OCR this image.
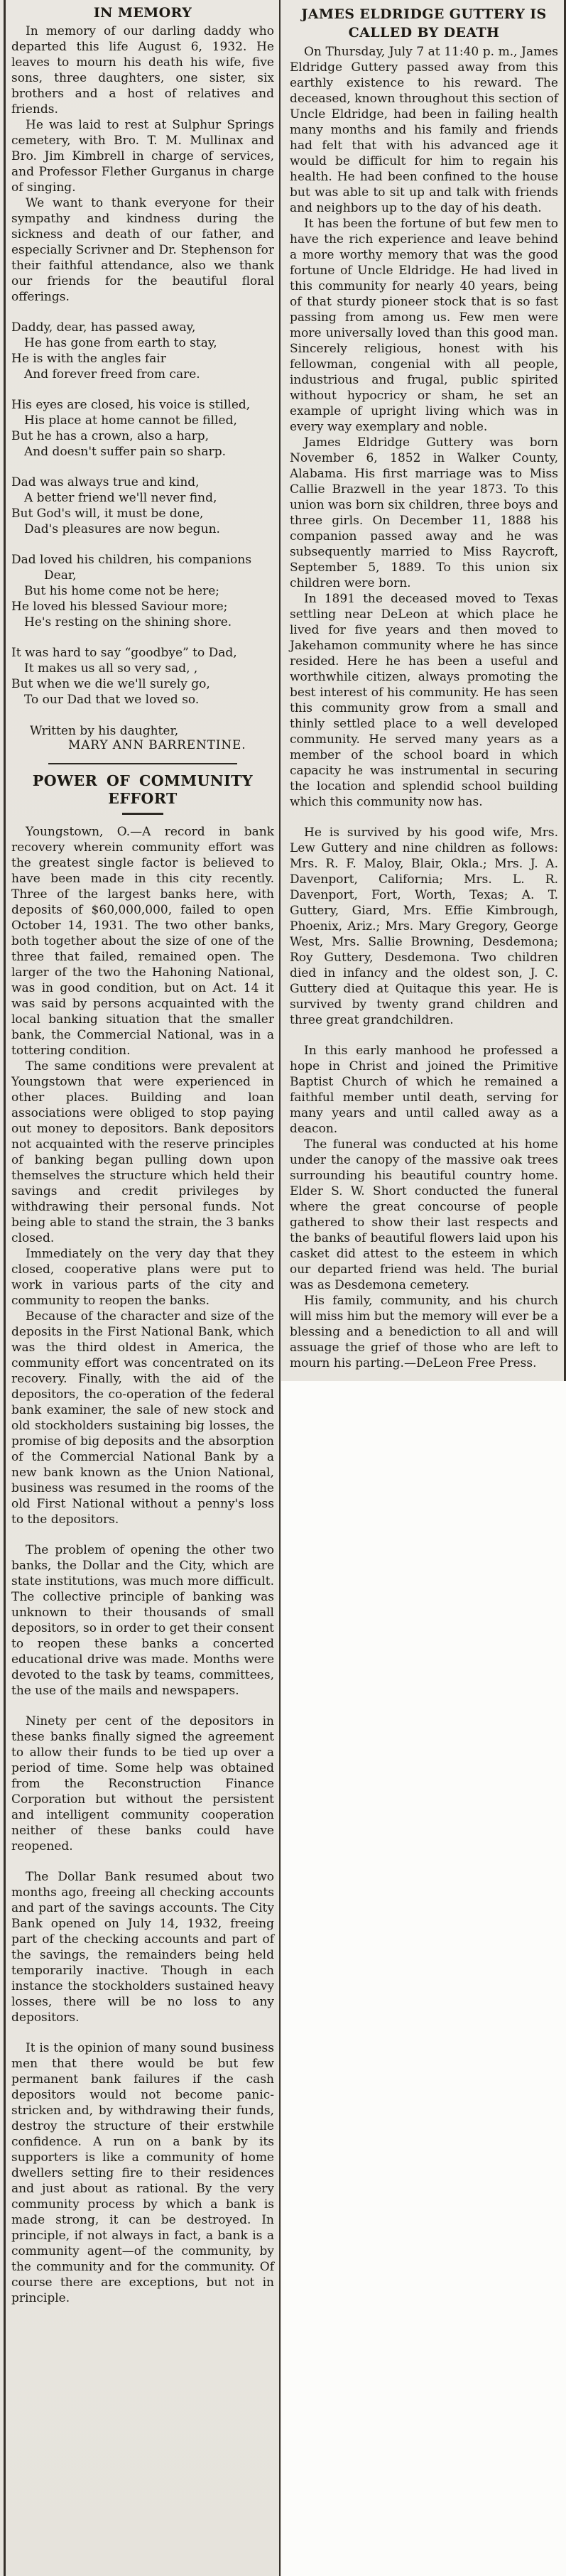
IN MEMORY

In memory of our darling daddy who departed this life August 6, 1932. He leaves to mourn his death his wife, five sons, three daughters, one sister, six brothers and a host of relatives and friends.

He was laid to rest at Sulphur Springs cemetery, with Bro. T. M. Mullinax and Bro. Jim Kimbrell in charge of services, and Professor Flether Gurganus in charge of singing.

We want to thank everyone for their sympathy and kindness during the sickness and death of our father, and especially Scrivner and Dr. Stephenson for their faithful attendance, also we thank our friends for the beautiful floral offerings.

Daddy, dear, has passed away,
He has gone from earth to stay,
He is with the angles fair
And forever freed from care.
His eyes are closed, his voice is stilled,
His place at home cannot be filled,
But he has a crown, also a harp,
And doesn't suffer pain so sharp.
Dad was always true and kind,
A better friend we'll never find,
But God's will, it must be done,
Dad's pleasures are now begun.
Dad loved his children, his companions Dear,
But his home come not be here;
He loved his blessed Saviour more;
He's resting on the shining shore.
It was hard to say “goodbye” to Dad,
It makes us all so very sad, ,
But when we die we'll surely go,
To our Dad that we loved so.
Written by his daughter,
MARY ANN BARRENTINE.
POWER OF COMMUNITY EFFORT

Youngstown, O.—A record in bank recovery wherein community effort was the greatest single factor is believed to have been made in this city recently. Three of the largest banks here, with deposits of $60,000,000, failed to open October 14, 1931. The two other banks, both together about the size of one of the three that failed, remained open. The larger of the two the Hahoning National, was in good condition, but on Act. 14 it was said by persons acquainted with the local banking situation that the smaller bank, the Commercial National, was in a tottering condition.

The same conditions were prevalent at Youngstown that were experienced in other places. Building and loan associations were obliged to stop paying out money to depositors. Bank depositors not acquainted with the reserve principles of banking began pulling down upon themselves the structure which held their savings and credit privileges by withdrawing their personal funds. Not being able to stand the strain, the 3 banks closed.

Immediately on the very day that they closed, cooperative plans were put to work in various parts of the city and community to reopen the banks.

Because of the character and size of the deposits in the First National Bank, which was the third oldest in America, the community effort was concentrated on its recovery. Finally, with the aid of the depositors, the co-operation of the federal bank examiner, the sale of new stock and old stockholders sustaining big losses, the promise of big deposits and the absorption of the Commercial National Bank by a new bank known as the Union National, business was resumed in the rooms of the old First National without a penny's loss to the depositors.

The problem of opening the other two banks, the Dollar and the City, which are state institutions, was much more difficult. The collective principle of banking was unknown to their thousands of small depositors, so in order to get their consent to reopen these banks a concerted educational drive was made. Months were devoted to the task by teams, committees, the use of the mails and newspapers.

Ninety per cent of the depositors in these banks finally signed the agreement to allow their funds to be tied up over a period of time. Some help was obtained from the Reconstruction Finance Corporation but without the persistent and intelligent community cooperation neither of these banks could have reopened.

The Dollar Bank resumed about two months ago, freeing all checking accounts and part of the savings accounts. The City Bank opened on July 14, 1932, freeing part of the checking accounts and part of the savings, the remainders being held temporarily inactive. Though in each instance the stockholders sustained heavy losses, there will be no loss to any depositors.

It is the opinion of many sound business men that there would be but few permanent bank failures if the cash depositors would not become panic-stricken and, by withdrawing their funds, destroy the structure of their erstwhile confidence. A run on a bank by its supporters is like a community of home dwellers setting fire to their residences and just about as rational. By the very community process by which a bank is made strong, it can be destroyed. In principle, if not always in fact, a bank is a community agent—of the community, by the community and for the community. Of course there are exceptions, but not in principle.

JAMES ELDRIDGE GUTTERY IS
CALLED BY DEATH

On Thursday, July 7 at 11:40 p. m., James Eldridge Guttery passed away from this earthly existence to his reward. The deceased, known throughout this section of Uncle Eldridge, had been in failing health many months and his family and friends had felt that with his advanced age it would be difficult for him to regain his health. He had been confined to the house but was able to sit up and talk with friends and neighbors up to the day of his death.

It has been the fortune of but few men to have the rich experience and leave behind a more worthy memory that was the good fortune of Uncle Eldridge. He had lived in this community for nearly 40 years, being of that sturdy pioneer stock that is so fast passing from among us. Few men were more universally loved than this good man. Sincerely religious, honest with his fellowman, congenial with all people, industrious and frugal, public spirited without hypocricy or sham, he set an example of upright living which was in every way exemplary and noble.

James Eldridge Guttery was born November 6, 1852 in Walker County, Alabama. His first marriage was to Miss Callie Brazwell in the year 1873. To this union was born six children, three boys and three girls. On December 11, 1888 his companion passed away and he was subsequently married to Miss Raycroft, September 5, 1889. To this union six children were born.

In 1891 the deceased moved to Texas settling near DeLeon at which place he lived for five years and then moved to Jakehamon community where he has since resided. Here he has been a useful and worthwhile citizen, always promoting the best interest of his community. He has seen this community grow from a small and thinly settled place to a well developed community. He served many years as a member of the school board in which capacity he was instrumental in securing the location and splendid school building which this community now has.

He is survived by his good wife, Mrs. Lew Guttery and nine children as follows: Mrs. R. F. Maloy, Blair, Okla.; Mrs. J. A. Davenport, California; Mrs. L. R. Davenport, Fort, Worth, Texas; A. T. Guttery, Giard, Mrs. Effie Kimbrough, Phoenix, Ariz.; Mrs. Mary Gregory, George West, Mrs. Sallie Browning, Desdemona; Roy Guttery, Desdemona. Two children died in infancy and the oldest son, J. C. Guttery died at Quitaque this year. He is survived by twenty grand children and three great grandchildren.

In this early manhood he professed a hope in Christ and joined the Primitive Baptist Church of which he remained a faithful member until death, serving for many years and until called away as a deacon.

The funeral was conducted at his home under the canopy of the massive oak trees surrounding his beautiful country home. Elder S. W. Short conducted the funeral where the great concourse of people gathered to show their last respects and the banks of beautiful flowers laid upon his casket did attest to the esteem in which our departed friend was held. The burial was as Desdemona cemetery.

His family, community, and his church will miss him but the memory will ever be a blessing and a benediction to all and will assuage the grief of those who are left to mourn his parting.—DeLeon Free Press.
